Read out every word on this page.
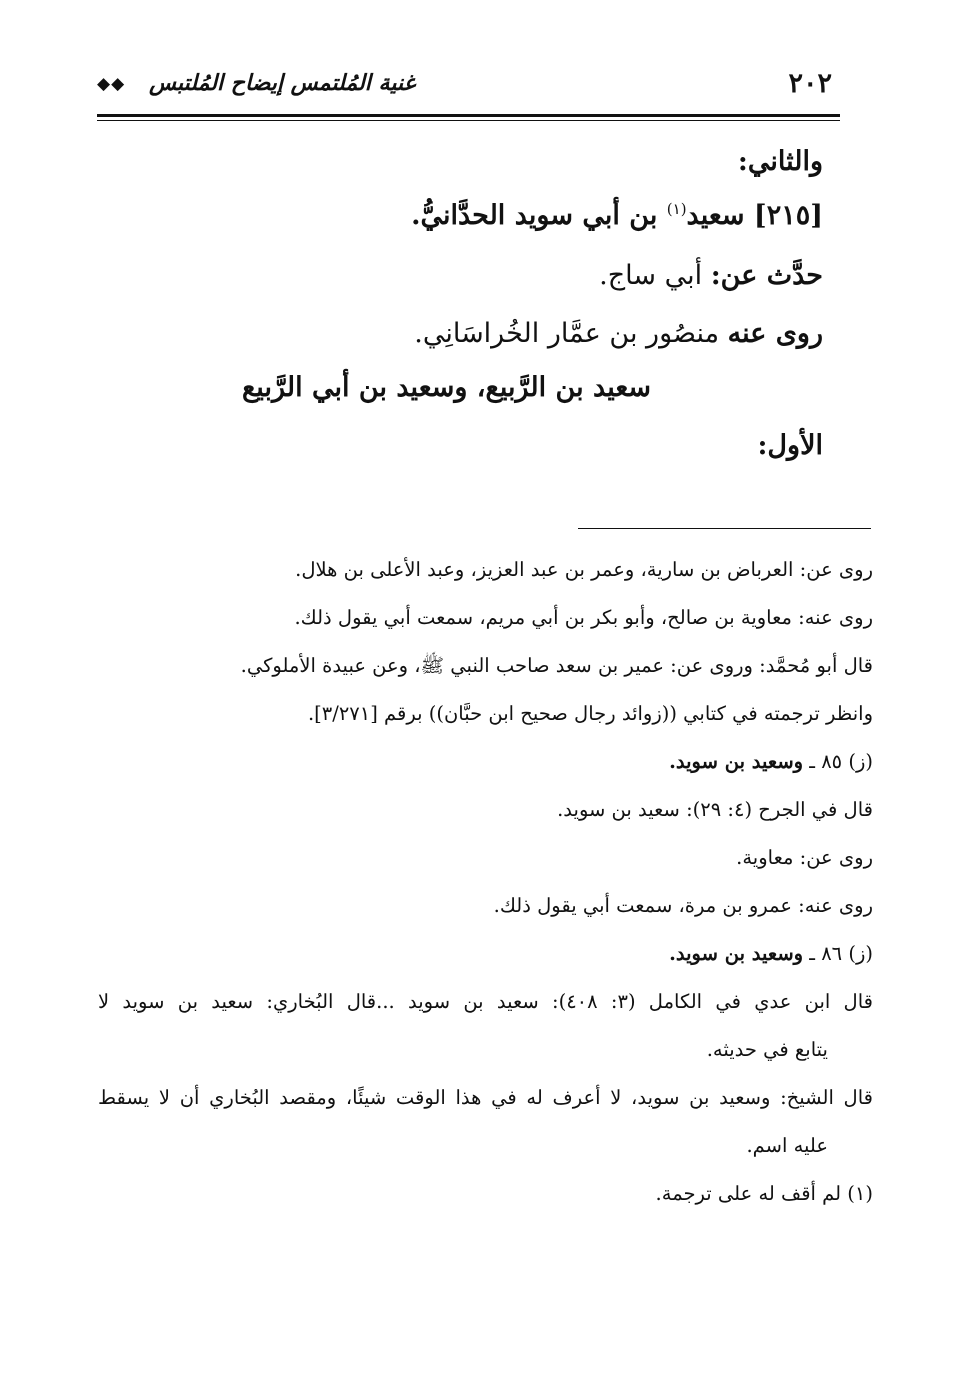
٢٠٢
غنية المُلتمس إيضاح المُلتبس
◆◆
والثاني:
[٢١٥] سعيد$^{(١)}$ بن أبي سويد الحدَّانيُّ.
حدَّث عن: أبي ساج.
روى عنه منصُور بن عمَّار الخُراسَانِي.
سعيد بن الرَّبيع، وسعيد بن أبي الرَّبيع
الأول:
روى عن: العرباض بن سارية، وعمر بن عبد العزيز، وعبد الأعلى بن هلال.
روى عنه: معاوية بن صالح، وأبو بكر بن أبي مريم، سمعت أبي يقول ذلك.
قال أبو مُحمَّد: وروى عن: عمير بن سعد صاحب النبي ﷺ، وعن عبيدة الأملوكي.
وانظر ترجمته في كتابي ((زوائد رجال صحيح ابن حبَّان)) برقم [٣/٢٧١].
(ز) ٨٥ ـ وسعيد بن سويد.
قال في الجرح (٤: ٢٩): سعيد بن سويد.
روى عن: معاوية.
روى عنه: عمرو بن مرة، سمعت أبي يقول ذلك.
(ز) ٨٦ ـ وسعيد بن سويد.
قال ابن عدي في الكامل (٣: ٤٠٨): سعيد بن سويد ...قال البُخاري: سعيد بن سويد لا
يتابع في حديثه.
قال الشيخ: وسعيد بن سويد، لا أعرف له في هذا الوقت شيئًا، ومقصد البُخاري أن لا يسقط
عليه اسم.
(١) لم أقف له على ترجمة.
